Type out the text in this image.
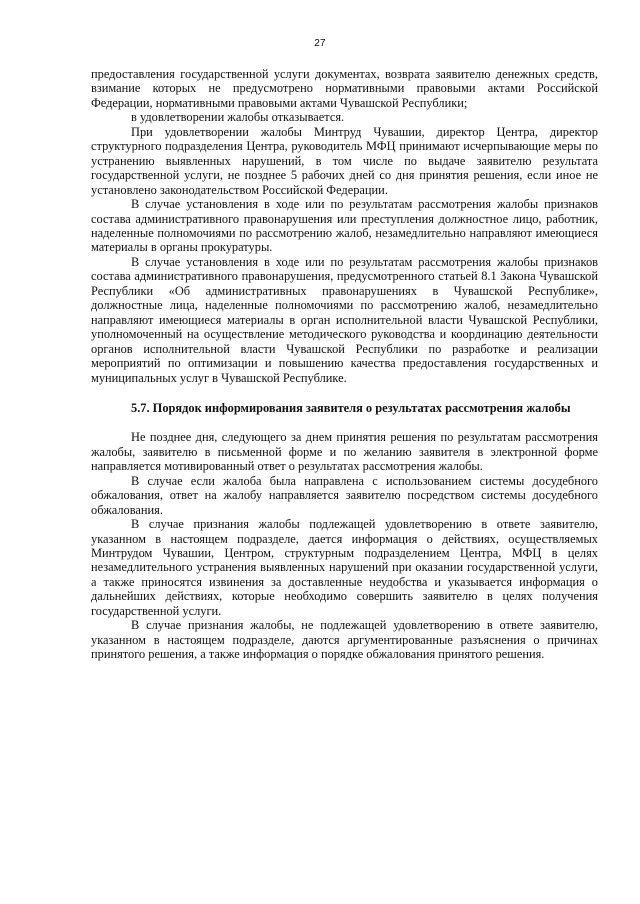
27

предоставления государственной услуги документах, возврата заявителю денежных средств, взимание которых не предусмотрено нормативными правовыми актами Российской Федерации, нормативными правовыми актами Чувашской Республики;

в удовлетворении жалобы отказывается.

При удовлетворении жалобы Минтруд Чувашии, директор Центра, директор структурного подразделения Центра, руководитель МФЦ принимают исчерпывающие меры по устранению выявленных нарушений, в том числе по выдаче заявителю результата государственной услуги, не позднее 5 рабочих дней со дня принятия решения, если иное не установлено законодательством Российской Федерации.

В случае установления в ходе или по результатам рассмотрения жалобы признаков состава административного правонарушения или преступления должностное лицо, работник, наделенные полномочиями по рассмотрению жалоб, незамедлительно направляют имеющиеся материалы в органы прокуратуры.

В случае установления в ходе или по результатам рассмотрения жалобы признаков состава административного правонарушения, предусмотренного статьей 8.1 Закона Чувашской Республики «Об административных правонарушениях в Чувашской Республике», должностные лица, наделенные полномочиями по рассмотрению жалоб, незамедлительно направляют имеющиеся материалы в орган исполнительной власти Чувашской Республики, уполномоченный на осуществление методического руководства и координацию деятельности органов исполнительной власти Чувашской Республики по разработке и реализации мероприятий по оптимизации и повышению качества предоставления государственных и муниципальных услуг в Чувашской Республике.

5.7. Порядок информирования заявителя о результатах рассмотрения жалобы

Не позднее дня, следующего за днем принятия решения по результатам рассмотрения жалобы, заявителю в письменной форме и по желанию заявителя в электронной форме направляется мотивированный ответ о результатах рассмотрения жалобы.

В случае если жалоба была направлена с использованием системы досудебного обжалования, ответ на жалобу направляется заявителю посредством системы досудебного обжалования.

В случае признания жалобы подлежащей удовлетворению в ответе заявителю, указанном в настоящем подразделе, дается информация о действиях, осуществляемых Минтрудом Чувашии, Центром, структурным подразделением Центра, МФЦ в целях незамедлительного устранения выявленных нарушений при оказании государственной услуги, а также приносятся извинения за доставленные неудобства и указывается информация о дальнейших действиях, которые необходимо совершить заявителю в целях получения государственной услуги.

В случае признания жалобы, не подлежащей удовлетворению в ответе заявителю, указанном в настоящем подразделе, даются аргументированные разъяснения о причинах принятого решения, а также информация о порядке обжалования принятого решения.
